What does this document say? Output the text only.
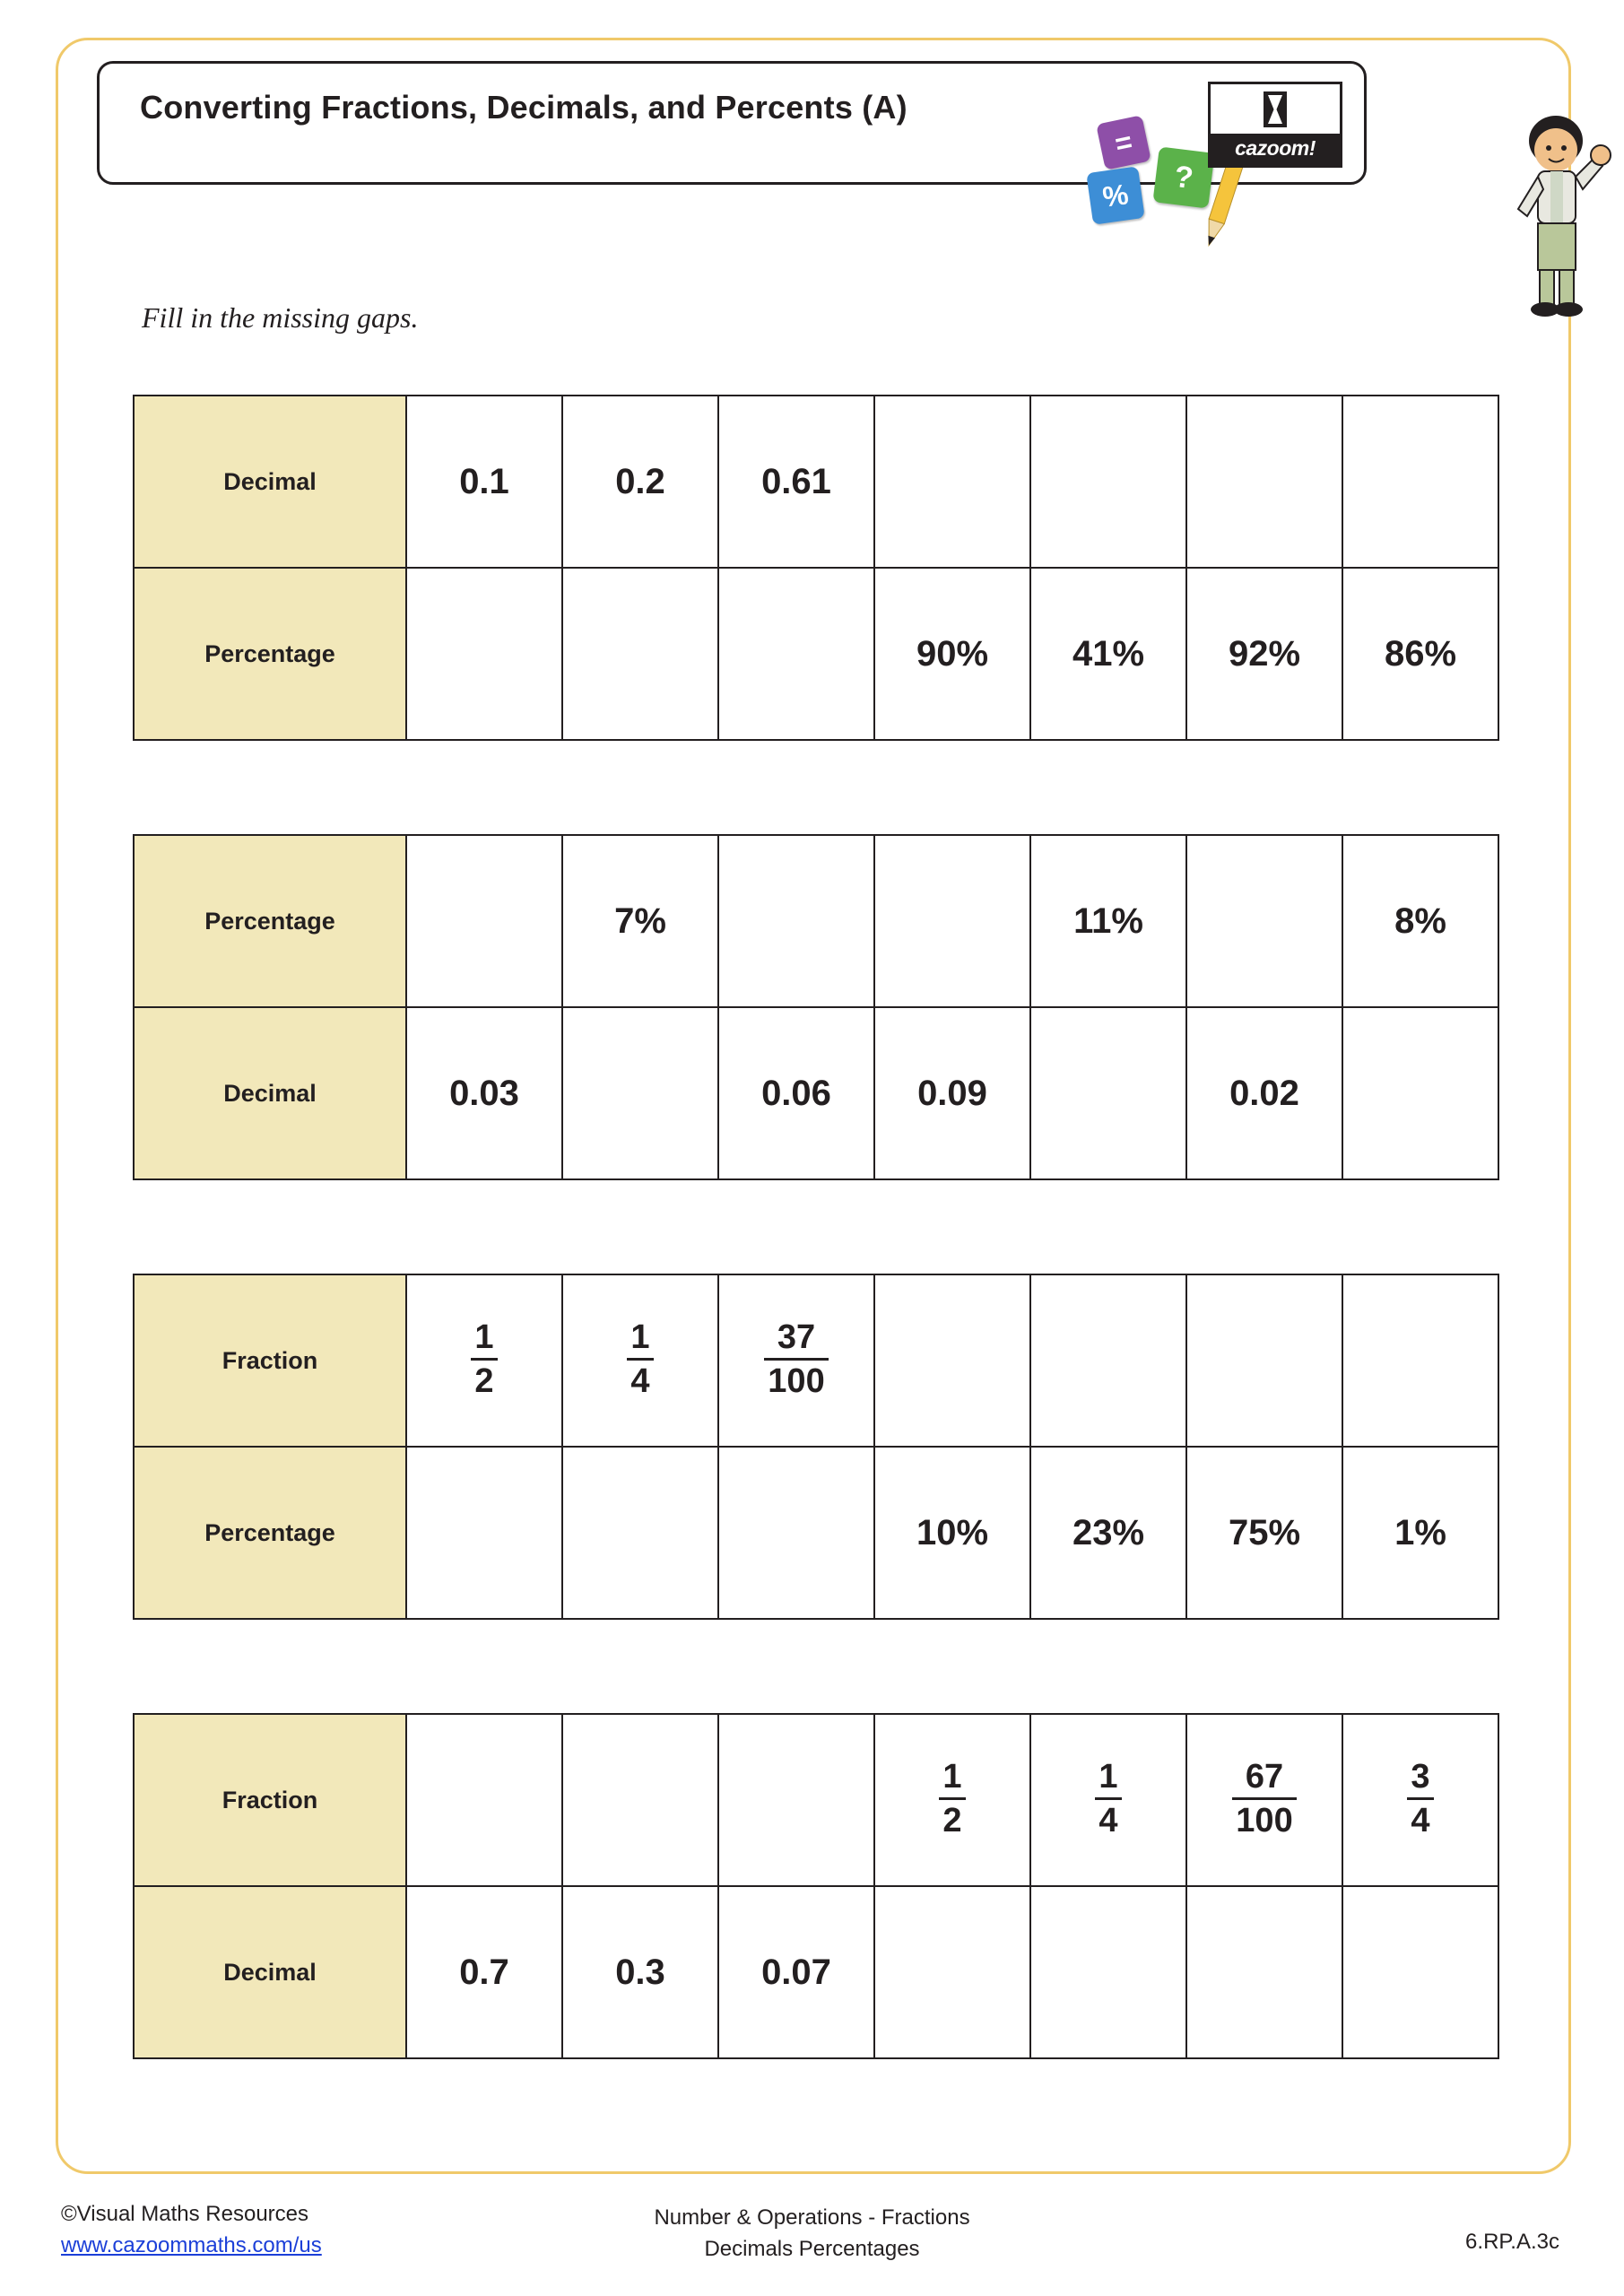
Converting Fractions, Decimals, and Percents (A)
=
%	?
cazoom!
Fill in the missing gaps.
Decimal	0.1	0.2	0.61				
Percentage				90%	41%	92%	86%
Percentage		7%			11%		8%
Decimal	0.03		0.06	0.09		0.02	
Fraction	$\frac{1}{2}$	$\frac{1}{4}$	$\frac{37}{100}$

Percentage				10%	23%	75%	1%
Fraction				$\frac{1}{2}$	$\frac{1}{4}$	$\frac{67}{100}$	$\frac{3}{4}$

Decimal	0.7	0.3	0.07				
©Visual Maths Resources
www.cazoommaths.com/us
Number & Operations - Fractions
Decimals Percentages	6.RP.A.3c
